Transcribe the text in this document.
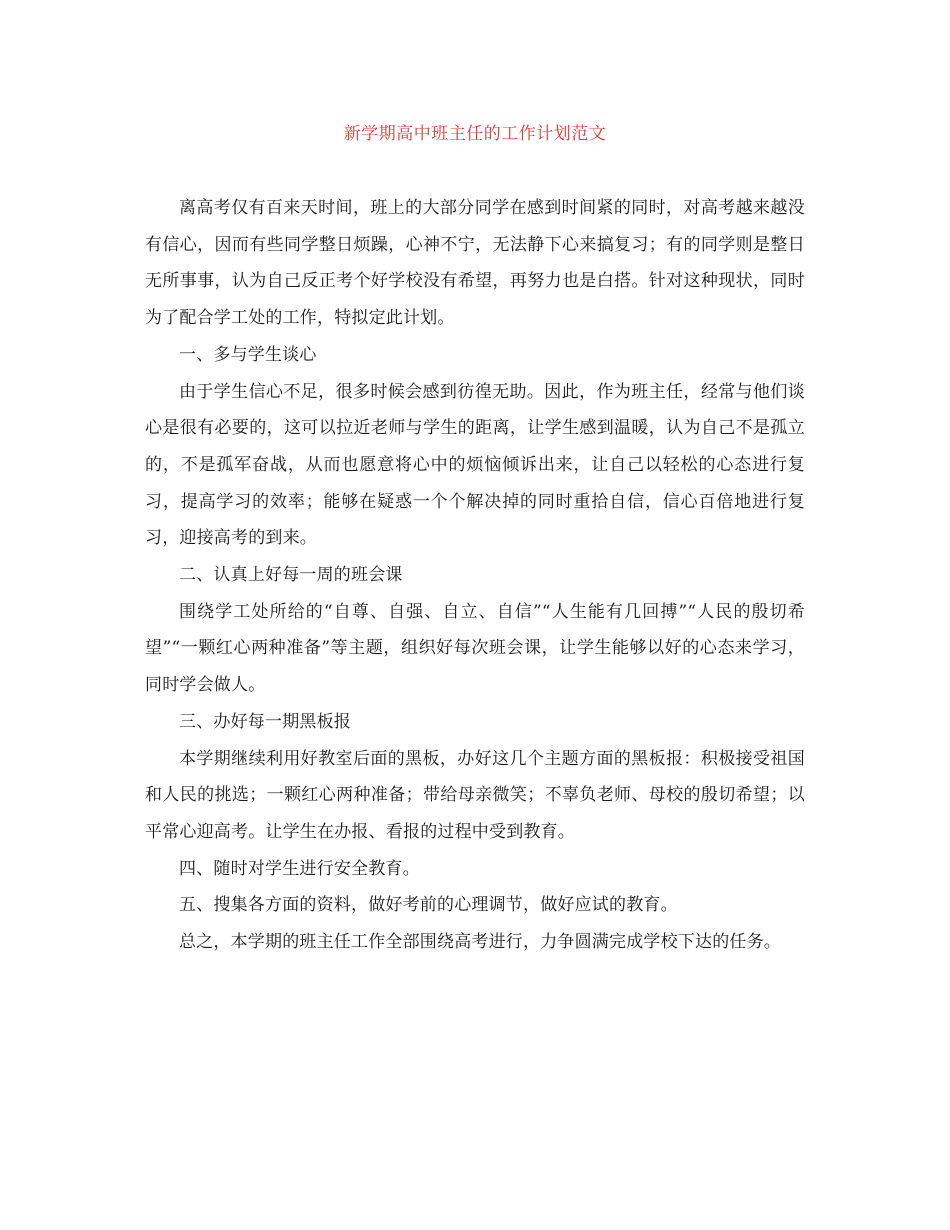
新学期高中班主任的工作计划范文

离高考仅有百来天时间，班上的大部分同学在感到时间紧的同时，对高考越来越没有信心，因而有些同学整日烦躁，心神不宁，无法静下心来搞复习；有的同学则是整日无所事事，认为自己反正考个好学校没有希望，再努力也是白搭。针对这种现状，同时为了配合学工处的工作，特拟定此计划。

一、多与学生谈心

由于学生信心不足，很多时候会感到彷徨无助。因此，作为班主任，经常与他们谈心是很有必要的，这可以拉近老师与学生的距离，让学生感到温暖，认为自己不是孤立的，不是孤军奋战，从而也愿意将心中的烦恼倾诉出来，让自己以轻松的心态进行复习，提高学习的效率；能够在疑惑一个个解决掉的同时重拾自信，信心百倍地进行复习，迎接高考的到来。

二、认真上好每一周的班会课

围绕学工处所给的“自尊、自强、自立、自信”“人生能有几回搏”“人民的殷切希望”“一颗红心两种准备”等主题，组织好每次班会课，让学生能够以好的心态来学习，同时学会做人。

三、办好每一期黑板报

本学期继续利用好教室后面的黑板，办好这几个主题方面的黑板报：积极接受祖国和人民的挑选；一颗红心两种准备；带给母亲微笑；不辜负老师、母校的殷切希望；以平常心迎高考。让学生在办报、看报的过程中受到教育。

四、随时对学生进行安全教育。

五、搜集各方面的资料，做好考前的心理调节，做好应试的教育。

总之，本学期的班主任工作全部围绕高考进行，力争圆满完成学校下达的任务。
